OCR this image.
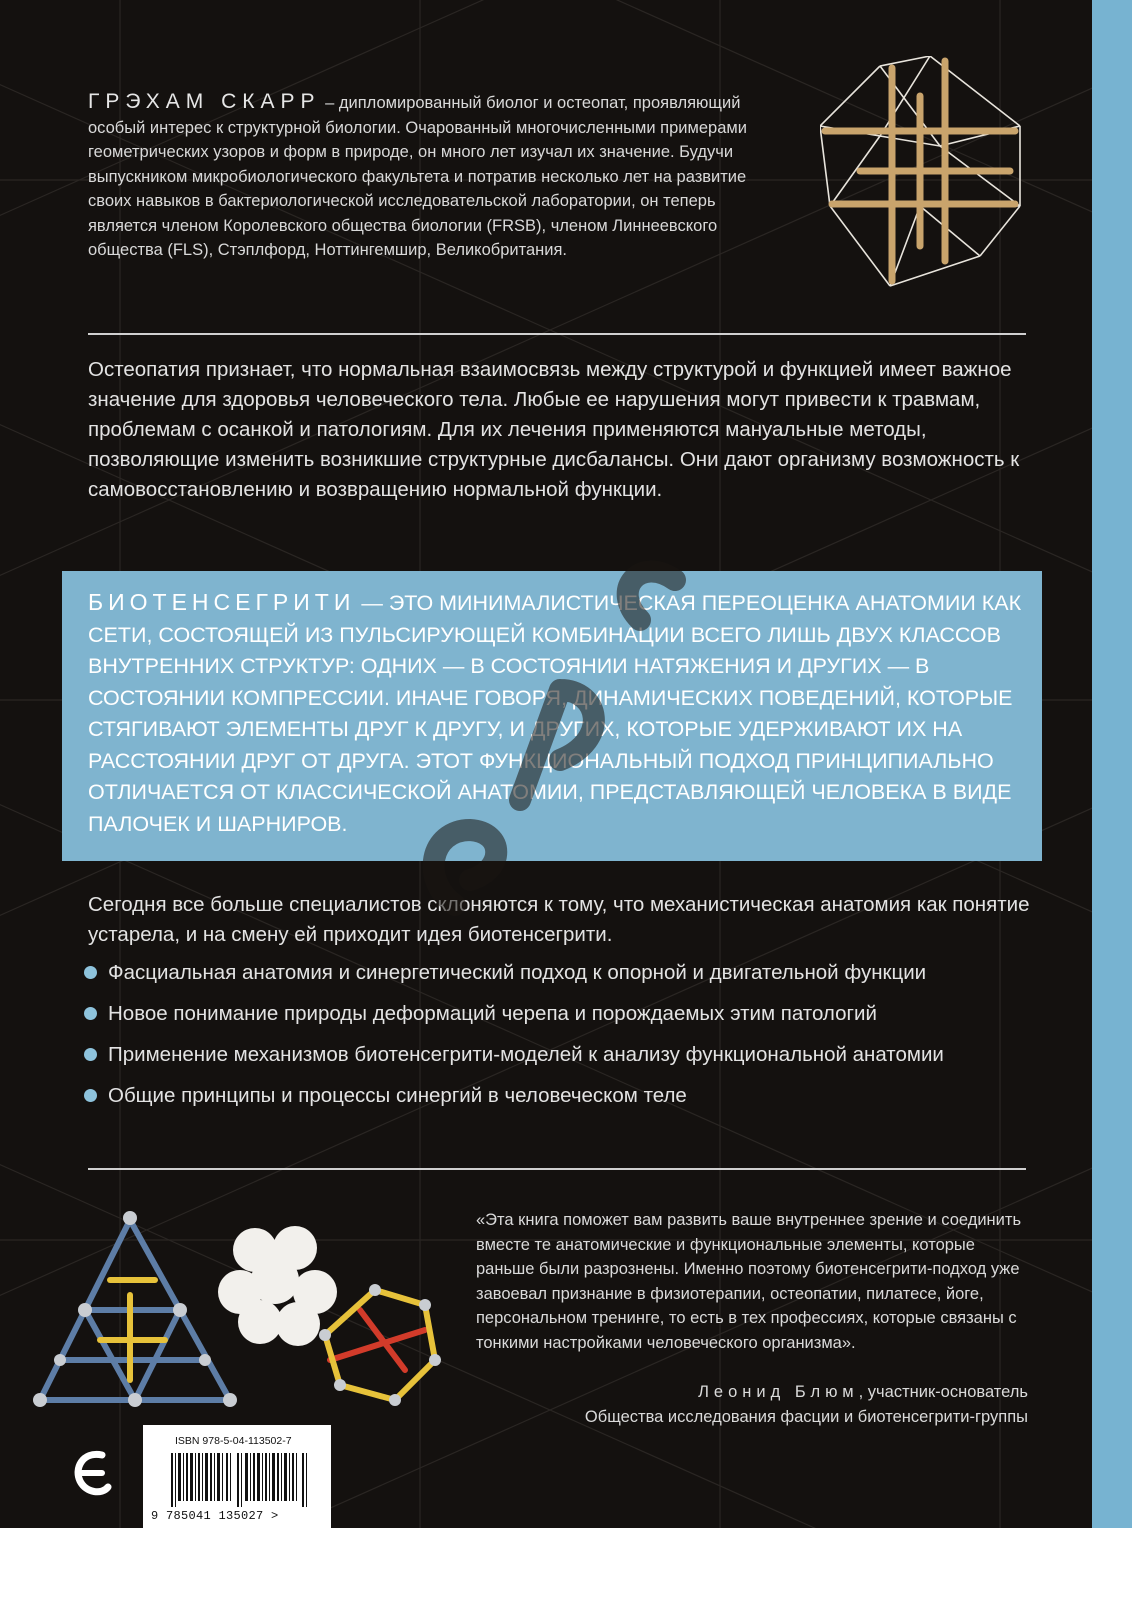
ГРЭХАМ СКАРР – дипломированный биолог и остеопат, проявляющий особый интерес к структурной биологии. Очарованный многочисленными примерами геометрических узоров и форм в природе, он много лет изучал их значение. Будучи выпускником микробиологического факультета и потратив несколько лет на развитие своих навыков в бактериологической исследовательской лаборатории, он теперь является членом Королевского общества биологии (FRSB), членом Линнеевского общества (FLS), Стэплфорд, Ноттингемшир, Великобритания.
Остеопатия признает, что нормальная взаимосвязь между структурой и функцией имеет важное значение для здоровья человеческого тела. Любые ее нарушения могут привести к травмам, проблемам с осанкой и патологиям. Для их лечения применяются мануальные методы, позволяющие изменить возникшие структурные дисбалансы. Они дают организму возможность к самовосстановлению и возвращению нормальной функции.
БИОТЕНСЕГРИТИ — ЭТО МИНИМАЛИСТИЧЕСКАЯ ПЕРЕОЦЕНКА АНАТОМИИ КАК СЕТИ, СОСТОЯЩЕЙ ИЗ ПУЛЬСИРУЮЩЕЙ КОМБИНАЦИИ ВСЕГО ЛИШЬ ДВУХ КЛАССОВ ВНУТРЕННИХ СТРУКТУР: ОДНИХ — В СОСТОЯНИИ НАТЯЖЕНИЯ И ДРУГИХ — В СОСТОЯНИИ КОМПРЕССИИ. ИНАЧЕ ГОВОРЯ, ДИНАМИЧЕСКИХ ПОВЕДЕНИЙ, КОТОРЫЕ СТЯГИВАЮТ ЭЛЕМЕНТЫ ДРУГ К ДРУГУ, И ДРУГИХ, КОТОРЫЕ УДЕРЖИВАЮТ ИХ НА РАССТОЯНИИ ДРУГ ОТ ДРУГА. ЭТОТ ФУНКЦИОНАЛЬНЫЙ ПОДХОД ПРИНЦИПИАЛЬНО ОТЛИЧАЕТСЯ ОТ КЛАССИЧЕСКОЙ АНАТОМИИ, ПРЕДСТАВЛЯЮЩЕЙ ЧЕЛОВЕКА В ВИДЕ ПАЛОЧЕК И ШАРНИРОВ.
Сегодня все больше специалистов склоняются к тому, что механистическая анатомия как понятие устарела, и на смену ей приходит идея биотенсегрити.
Фасциальная анатомия и синергетический подход к опорной и двигательной функции
Новое понимание природы деформаций черепа и порождаемых этим патологий
Применение механизмов биотенсегрити-моделей к анализу функциональной анатомии
Общие принципы и процессы синергий в человеческом теле
«Эта книга поможет вам развить ваше внутреннее зрение и соединить вместе те анатомические и функциональные элементы, которые раньше были разрознены. Именно поэтому биотенсегрити-подход уже завоевал признание в физиотерапии, остеопатии, пилатесе, йоге, персональном тренинге, то есть в тех профессиях, которые связаны с тонкими настройками человеческого организма».
Леонид Блюм, участник-основатель
Общества исследования фасции и биотенсегрити-группы
ISBN 978-5-04-113502-7
9 785041 135027 >
